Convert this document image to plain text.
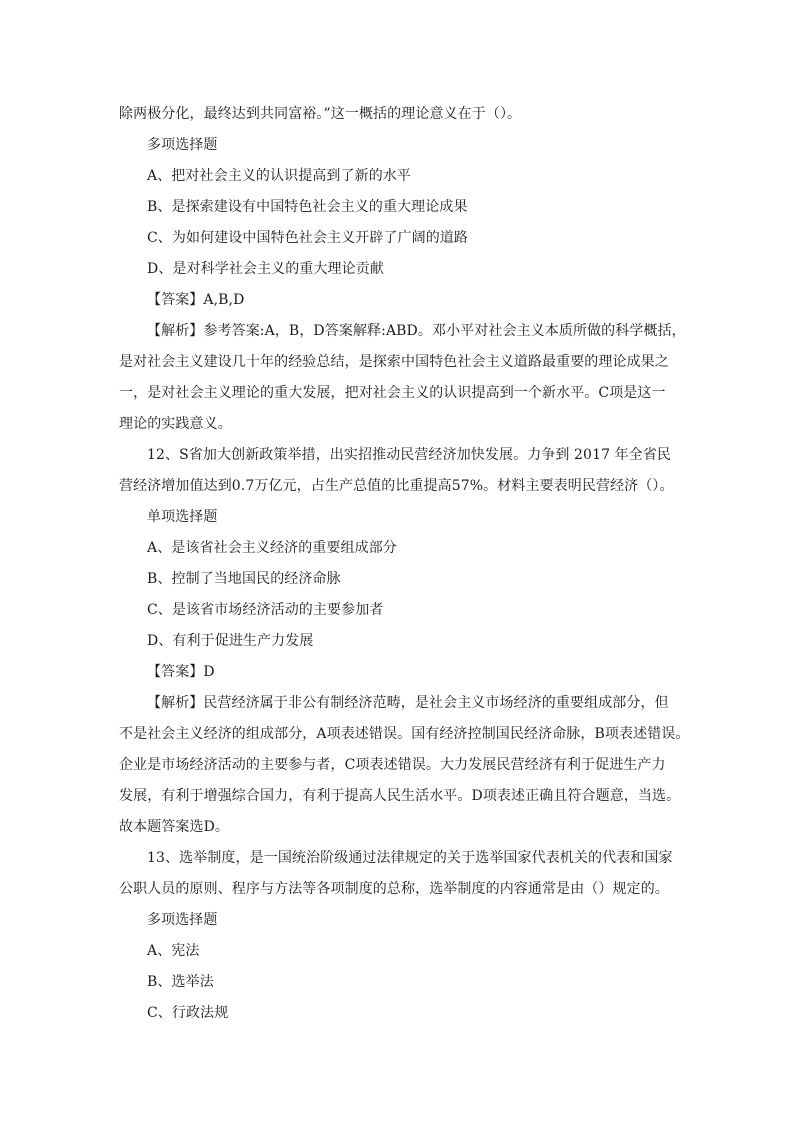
除两极分化，最终达到共同富裕。”这一概括的理论意义在于（）。
多项选择题
A、把对社会主义的认识提高到了新的水平
B、是探索建设有中国特色社会主义的重大理论成果
C、为如何建设中国特色社会主义开辟了广阔的道路
D、是对科学社会主义的重大理论贡献
【答案】A,B,D
【解析】参考答案:A，B，D答案解释:ABD。邓小平对社会主义本质所做的科学概括，
是对社会主义建设几十年的经验总结，是探索中国特色社会主义道路最重要的理论成果之
一，是对社会主义理论的重大发展，把对社会主义的认识提高到一个新水平。C项是这一
理论的实践意义。
12、S省加大创新政策举措，出实招推动民营经济加快发展。力争到 2017 年全省民
营经济增加值达到0.7万亿元，占生产总值的比重提高57%。材料主要表明民营经济（）。
单项选择题
A、是该省社会主义经济的重要组成部分
B、控制了当地国民的经济命脉
C、是该省市场经济活动的主要参加者
D、有利于促进生产力发展
【答案】D
【解析】民营经济属于非公有制经济范畴，是社会主义市场经济的重要组成部分，但
不是社会主义经济的组成部分，A项表述错误。国有经济控制国民经济命脉，B项表述错误。
企业是市场经济活动的主要参与者，C项表述错误。大力发展民营经济有利于促进生产力
发展，有利于增强综合国力，有利于提高人民生活水平。D项表述正确且符合题意，当选。
故本题答案选D。
13、选举制度，是一国统治阶级通过法律规定的关于选举国家代表机关的代表和国家
公职人员的原则、程序与方法等各项制度的总称，选举制度的内容通常是由（）规定的。
多项选择题
A、宪法
B、选举法
C、行政法规
